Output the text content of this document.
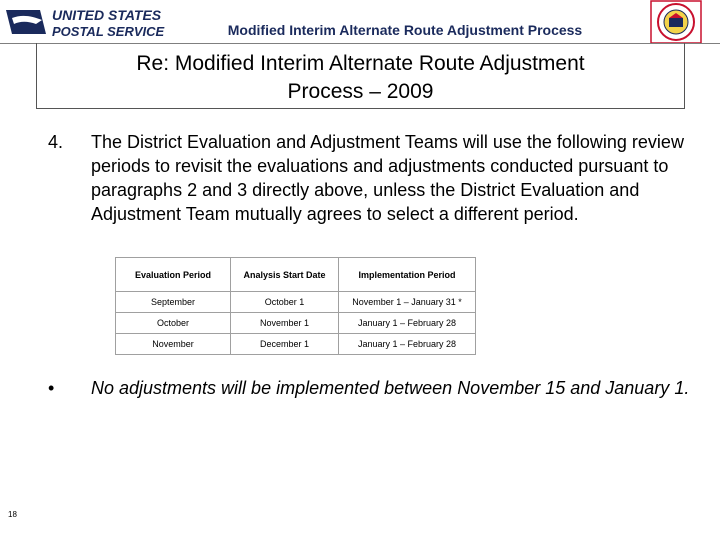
UNITED STATES
POSTAL SERVICE	Modified Interim Alternate Route Adjustment Process
Re: Modified Interim Alternate Route Adjustment
Process – 2009
4. The District Evaluation and Adjustment Teams will use the following review periods to revisit the evaluations and adjustments conducted pursuant to paragraphs 2 and 3 directly above, unless the District Evaluation and Adjustment Team mutually agrees to select a different period.
Evaluation Period	Analysis Start Date	Implementation Period
September	October 1	November 1 – January 31 *
October	November 1	January 1 – February 28
November	December 1	January 1 – February 28
• No adjustments will be implemented between November 15 and January 1.
18
